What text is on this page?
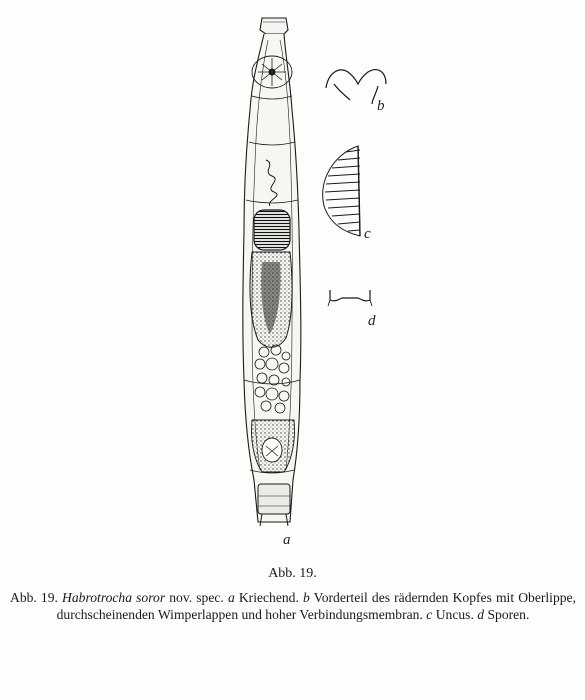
a
b
c
d
Abb. 19.
Abb. 19. Habrotrocha soror nov. spec. a Kriechend. b Vorderteil des rädernden Kopfes mit Oberlippe, durchscheinenden Wimperlappen und hoher Verbindungsmembran. c Uncus. d Sporen.
